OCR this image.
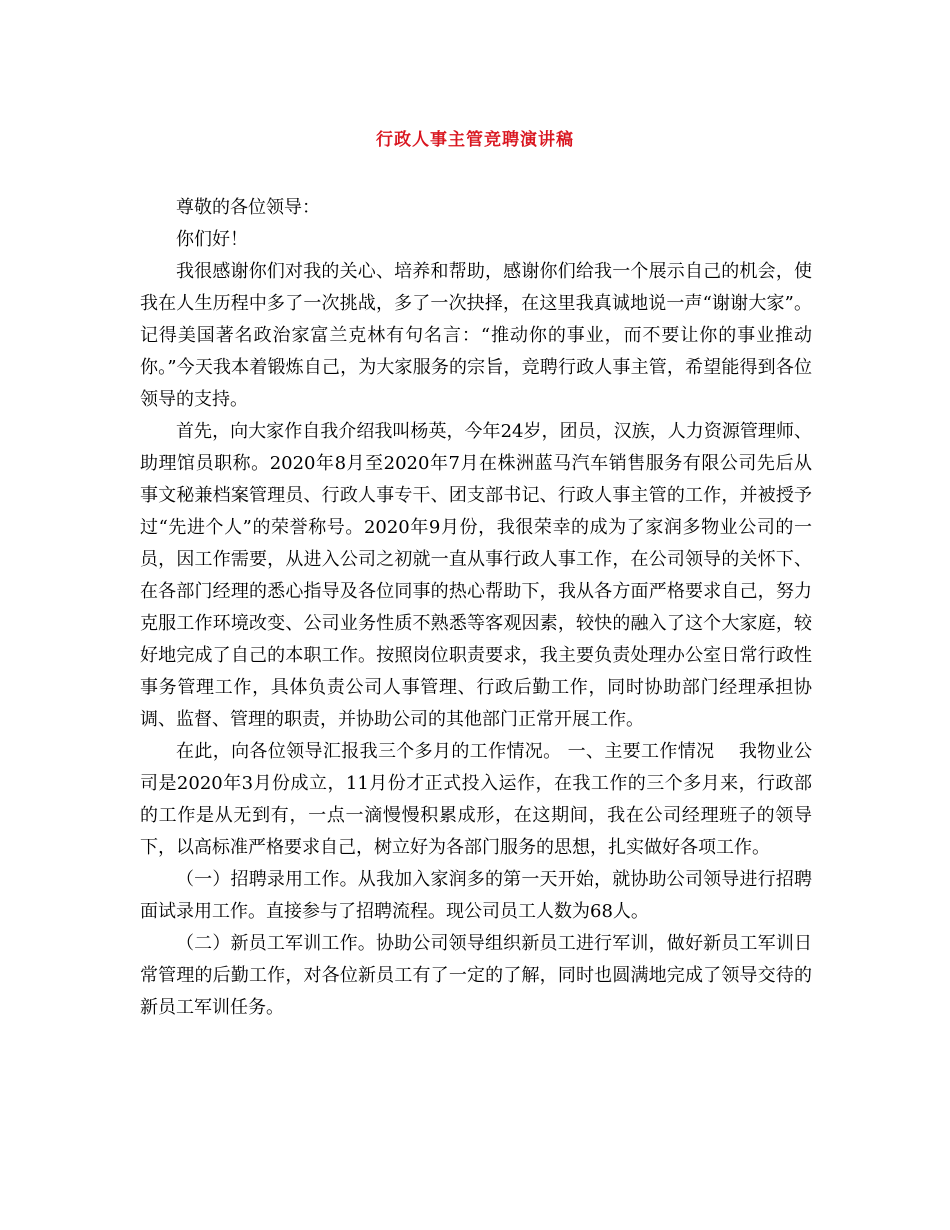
行政人事主管竞聘演讲稿

尊敬的各位领导：

你们好！

我很感谢你们对我的关心、培养和帮助，感谢你们给我一个展示自己的机会，使我在人生历程中多了一次挑战，多了一次抉择，在这里我真诚地说一声“谢谢大家”。记得美国著名政治家富兰克林有句名言：“推动你的事业，而不要让你的事业推动你。”今天我本着锻炼自己，为大家服务的宗旨，竞聘行政人事主管，希望能得到各位领导的支持。

首先，向大家作自我介绍我叫杨英，今年24岁，团员，汉族，人力资源管理师、助理馆员职称。2020年8月至2020年7月在株洲蓝马汽车销售服务有限公司先后从事文秘兼档案管理员、行政人事专干、团支部书记、行政人事主管的工作，并被授予过“先进个人”的荣誉称号。2020年9月份，我很荣幸的成为了家润多物业公司的一员，因工作需要，从进入公司之初就一直从事行政人事工作，在公司领导的关怀下、在各部门经理的悉心指导及各位同事的热心帮助下，我从各方面严格要求自己，努力克服工作环境改变、公司业务性质不熟悉等客观因素，较快的融入了这个大家庭，较好地完成了自己的本职工作。按照岗位职责要求，我主要负责处理办公室日常行政性事务管理工作，具体负责公司人事管理、行政后勤工作，同时协助部门经理承担协调、监督、管理的职责，并协助公司的其他部门正常开展工作。

在此，向各位领导汇报我三个多月的工作情况。 一、主要工作情况　 我物业公司是2020年3月份成立，11月份才正式投入运作，在我工作的三个多月来，行政部的工作是从无到有，一点一滴慢慢积累成形，在这期间，我在公司经理班子的领导下，以高标准严格要求自己，树立好为各部门服务的思想，扎实做好各项工作。

（一）招聘录用工作。从我加入家润多的第一天开始，就协助公司领导进行招聘面试录用工作。直接参与了招聘流程。现公司员工人数为68人。

（二）新员工军训工作。协助公司领导组织新员工进行军训，做好新员工军训日常管理的后勤工作，对各位新员工有了一定的了解，同时也圆满地完成了领导交待的新员工军训任务。
